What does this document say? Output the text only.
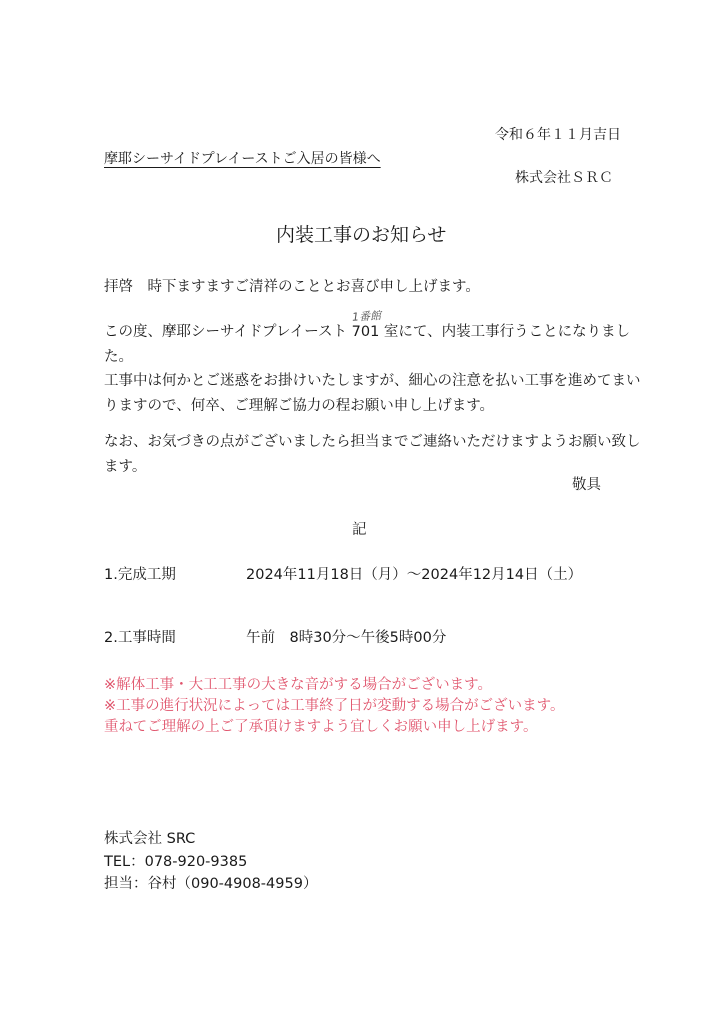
令和６年１１月吉日
摩耶シーサイドプレイーストご入居の皆様へ
株式会社ＳＲＣ
内装工事のお知らせ
拝啓　時下ますますご清祥のこととお喜び申し上げます。
1番館
この度、摩耶シーサイドプレイースト 701 室にて、内装工事行うことになりました。
工事中は何かとご迷惑をお掛けいたしますが、細心の注意を払い工事を進めてまいりますので、何卒、ご理解ご協力の程お願い申し上げます。
なお、お気づきの点がございましたら担当までご連絡いただけますようお願い致します。
敬具
記
1.完成工期	2024年11月18日（月）～2024年12月14日（土）
2.工事時間	午前　8時30分～午後5時00分
※解体工事・大工工事の大きな音がする場合がございます。
※工事の進行状況によっては工事終了日が変動する場合がございます。
重ねてご理解の上ご了承頂けますよう宜しくお願い申し上げます。
株式会社 SRC
TEL：078-920-9385
担当：谷村（090-4908-4959）
